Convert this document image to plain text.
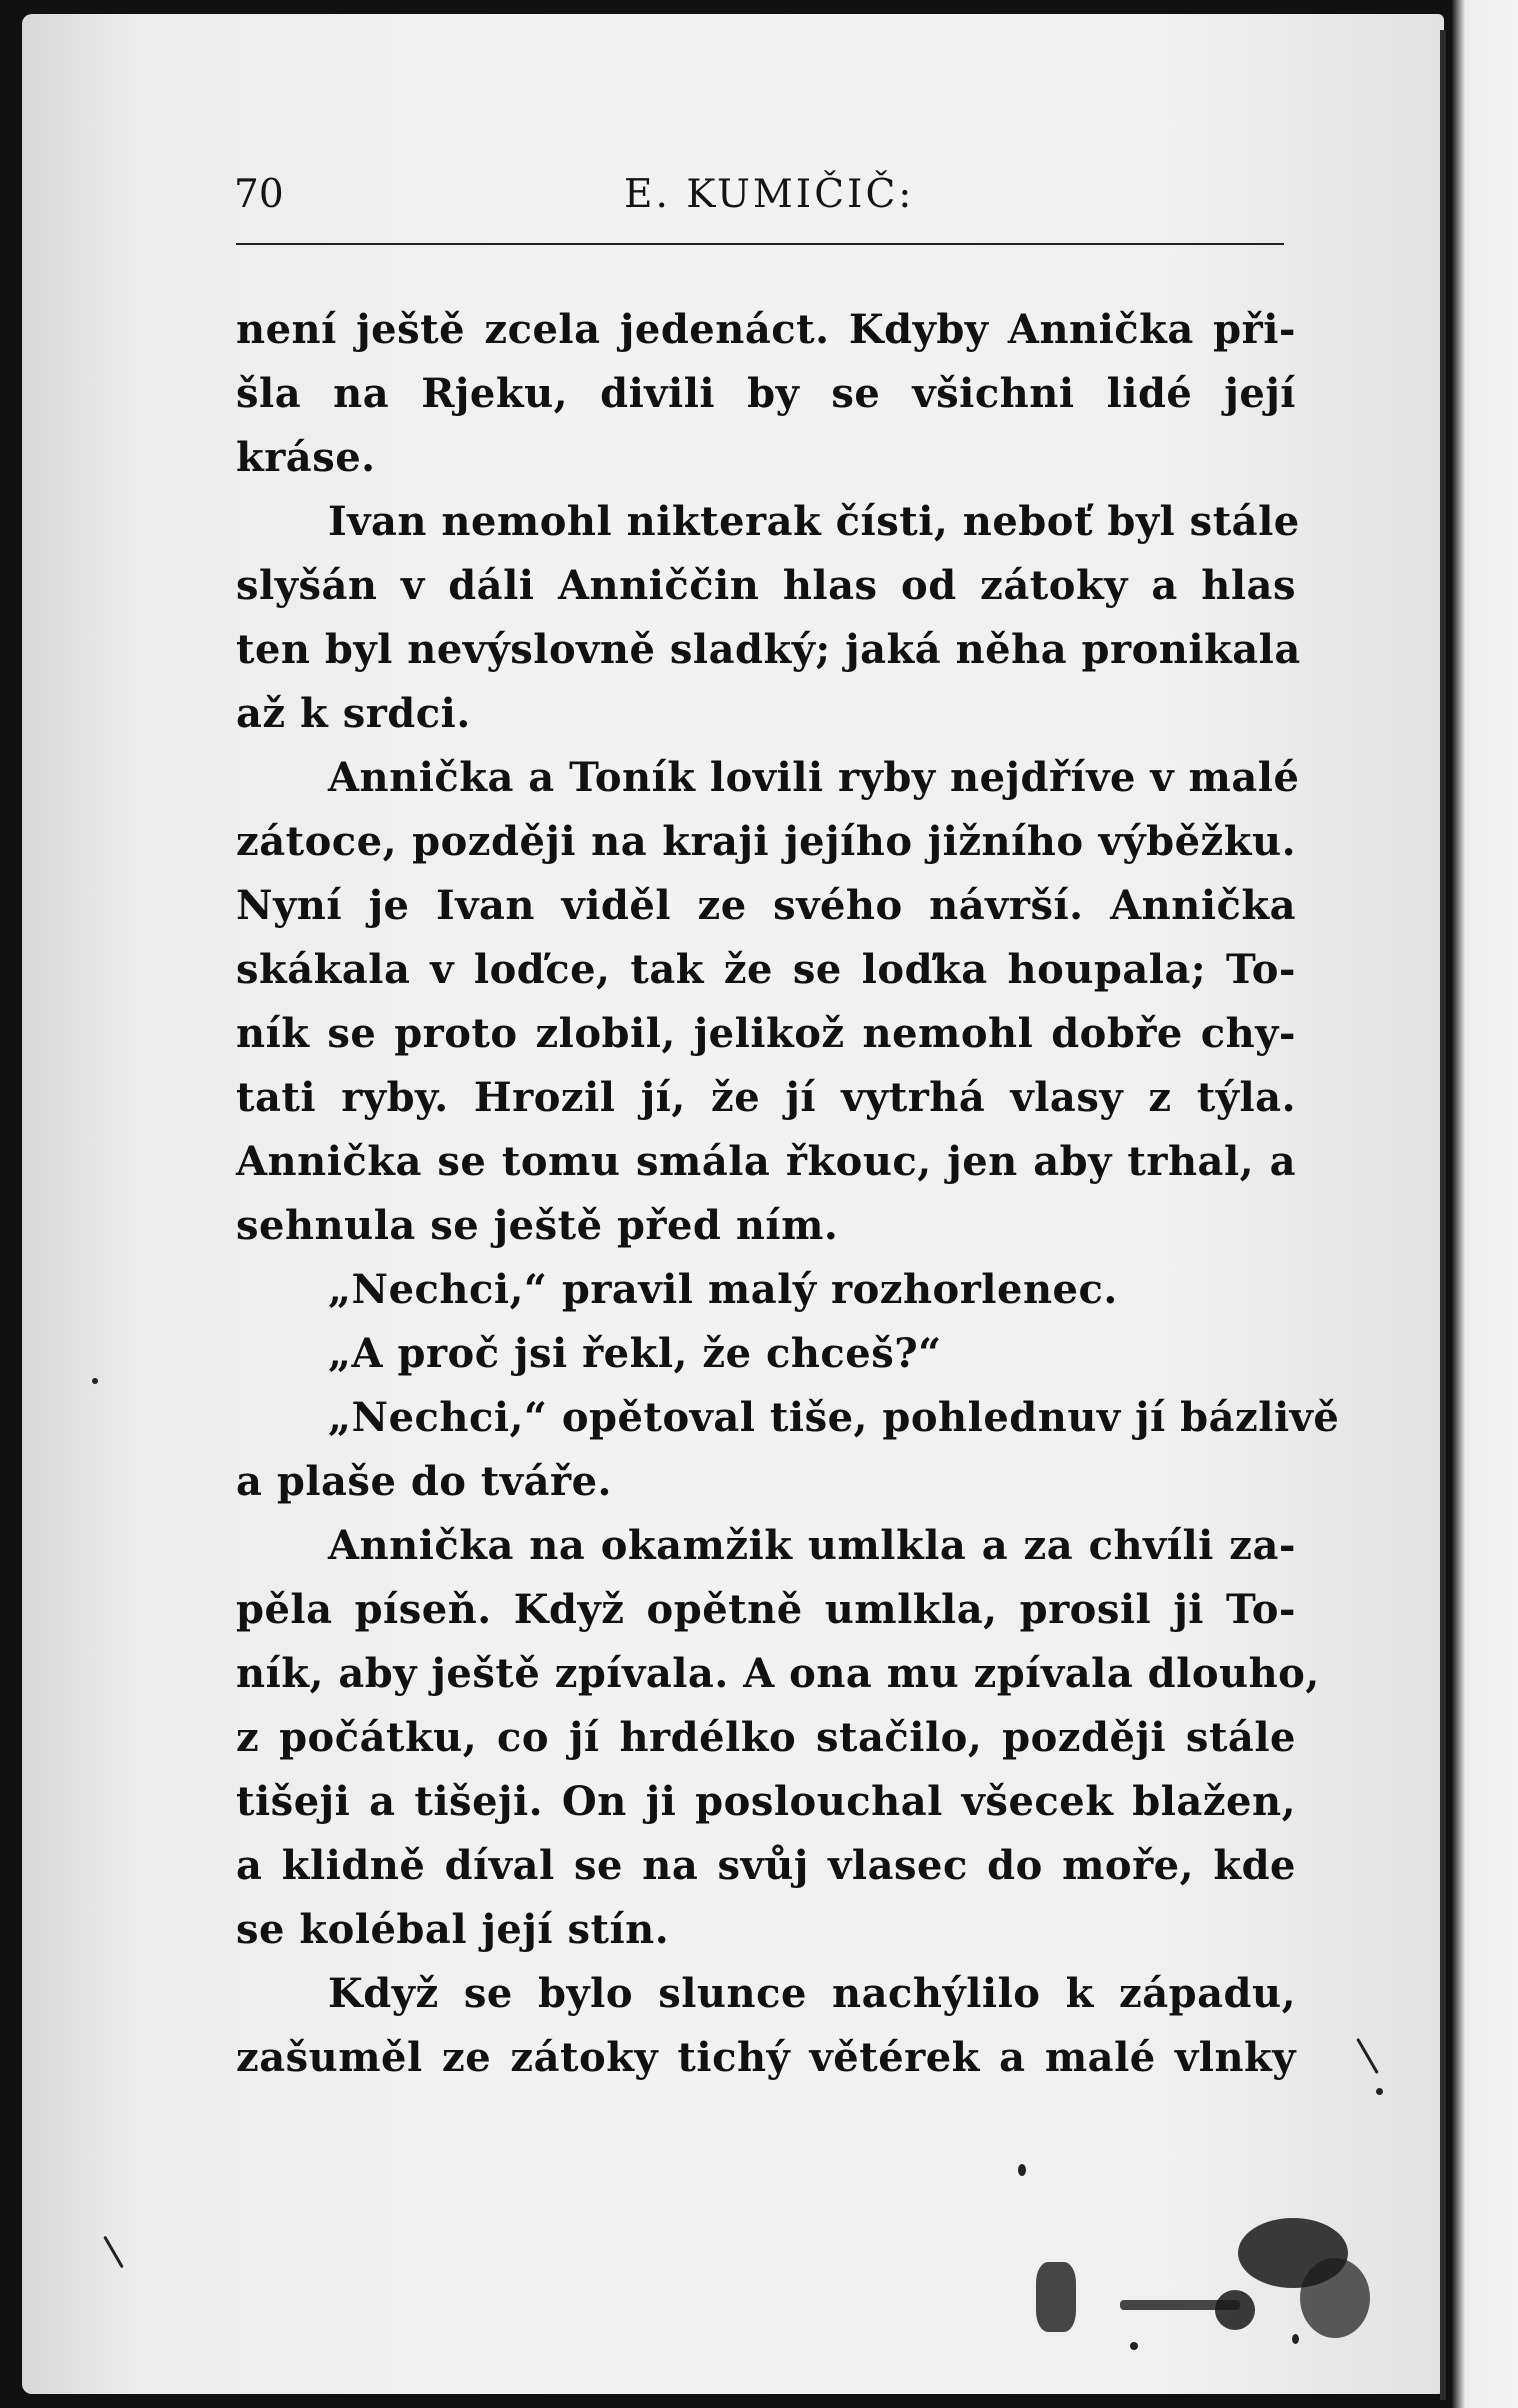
70	E. KUMIČIČ:
není ještě zcela jedenáct. Kdyby Annička při-
šla na Rjeku, divili by se všichni lidé její
kráse.
Ivan nemohl nikterak čísti, neboť byl stále
slyšán v dáli Anniččin hlas od zátoky a hlas
ten byl nevýslovně sladký; jaká něha pronikala
až k srdci.
Annička a Toník lovili ryby nejdříve v malé
zátoce, později na kraji jejího jižního výběžku.
Nyní je Ivan viděl ze svého návrší. Annička
skákala v loďce, tak že se loďka houpala; To-
ník se proto zlobil, jelikož nemohl dobře chy-
tati ryby. Hrozil jí, že jí vytrhá vlasy z týla.
Annička se tomu smála řkouc, jen aby trhal, a
sehnula se ještě před ním.
„Nechci,“ pravil malý rozhorlenec.
„A proč jsi řekl, že chceš?“
„Nechci,“ opětoval tiše, pohlednuv jí bázlivě
a plaše do tváře.
Annička na okamžik umlkla a za chvíli za-
pěla píseň. Když opětně umlkla, prosil ji To-
ník, aby ještě zpívala. A ona mu zpívala dlouho,
z počátku, co jí hrdélko stačilo, později stále
tišeji a tišeji. On ji poslouchal všecek blažen,
a klidně díval se na svůj vlasec do moře, kde
se kolébal její stín.
Když se bylo slunce nachýlilo k západu,
zašuměl ze zátoky tichý větérek a malé vlnky
